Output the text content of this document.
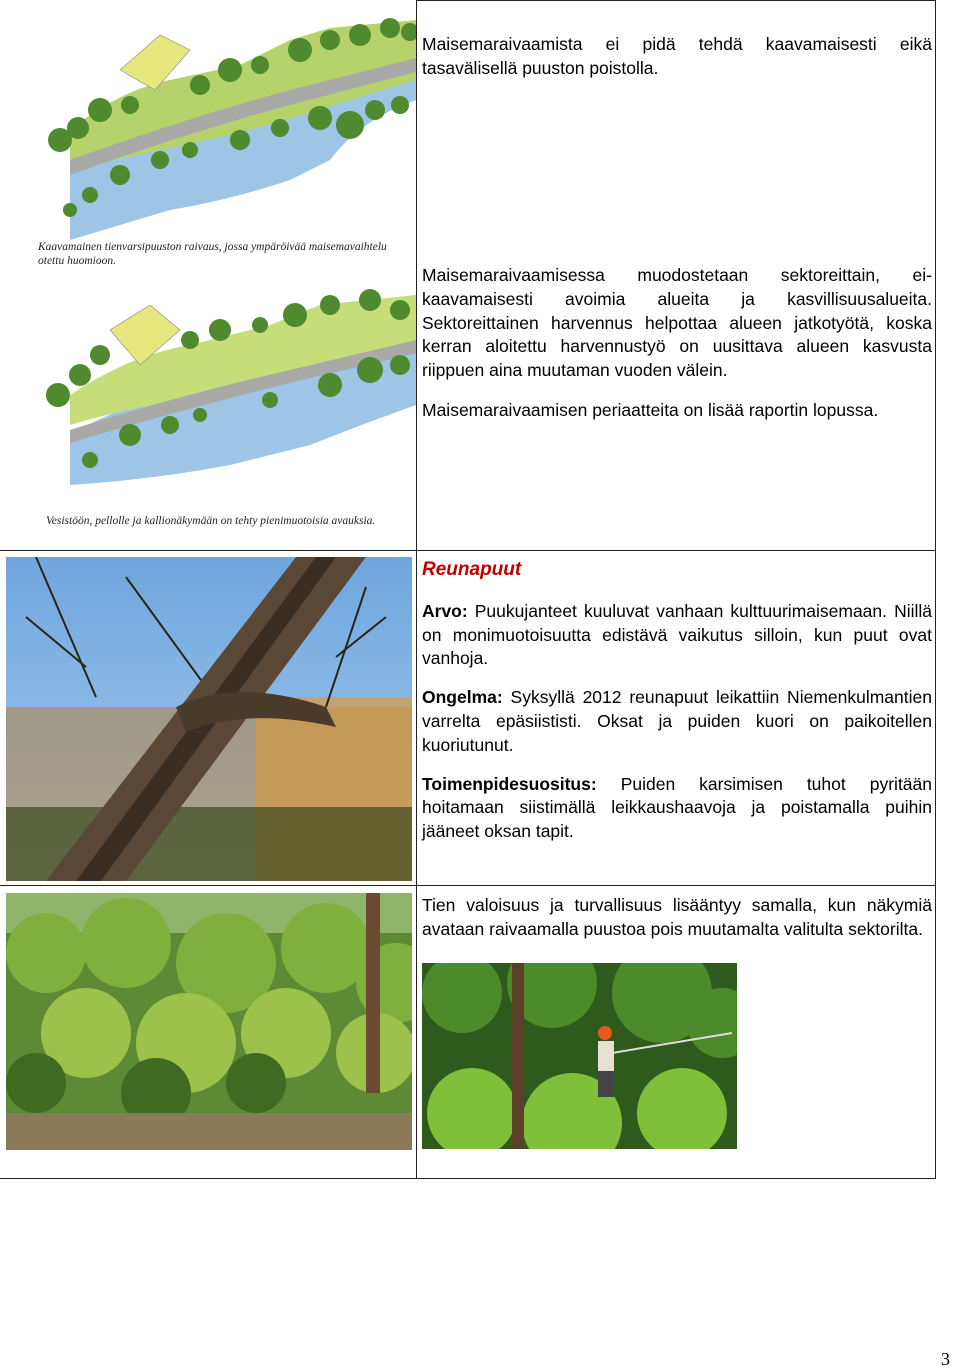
Kaavamainen tienvarsipuuston raivaus, jossa ympäröivää maisemavaihtelu
otettu huomioon.
Vesistöön, pellolle ja kallionäkymään on tehty pienimuotoisia avauksia.

Maisemaraivaamista ei pidä tehdä kaavamaisesti eikä tasavälisellä puuston poistolla.

Maisemaraivaamisessa muodostetaan sektoreittain, ei-kaavamaisesti avoimia alueita ja kasvillisuusalueita. Sektoreittainen harvennus helpottaa alueen jatkotyötä, koska kerran aloitettu harvennustyö on uusittava alueen kasvusta riippuen aina muutaman vuoden välein.

Maisemaraivaamisen periaatteita on lisää raportin lopussa.

Reunapuut

Arvo: Puukujanteet kuuluvat vanhaan kulttuurimaisemaan. Niillä on monimuotoisuutta edistävä vaikutus silloin, kun puut ovat vanhoja.

Ongelma: Syksyllä 2012 reunapuut leikattiin Niemenkulmantien varrelta epäsiististi. Oksat ja puiden kuori on paikoitellen kuoriutunut.

Toimenpidesuositus: Puiden karsimisen tuhot pyritään hoitamaan siistimällä leikkaushaavoja ja poistamalla puihin jääneet oksan tapit.

Tien valoisuus ja turvallisuus lisääntyy samalla, kun näkymiä avataan raivaamalla puustoa pois muutamalta valitulta sektorilta.

3
